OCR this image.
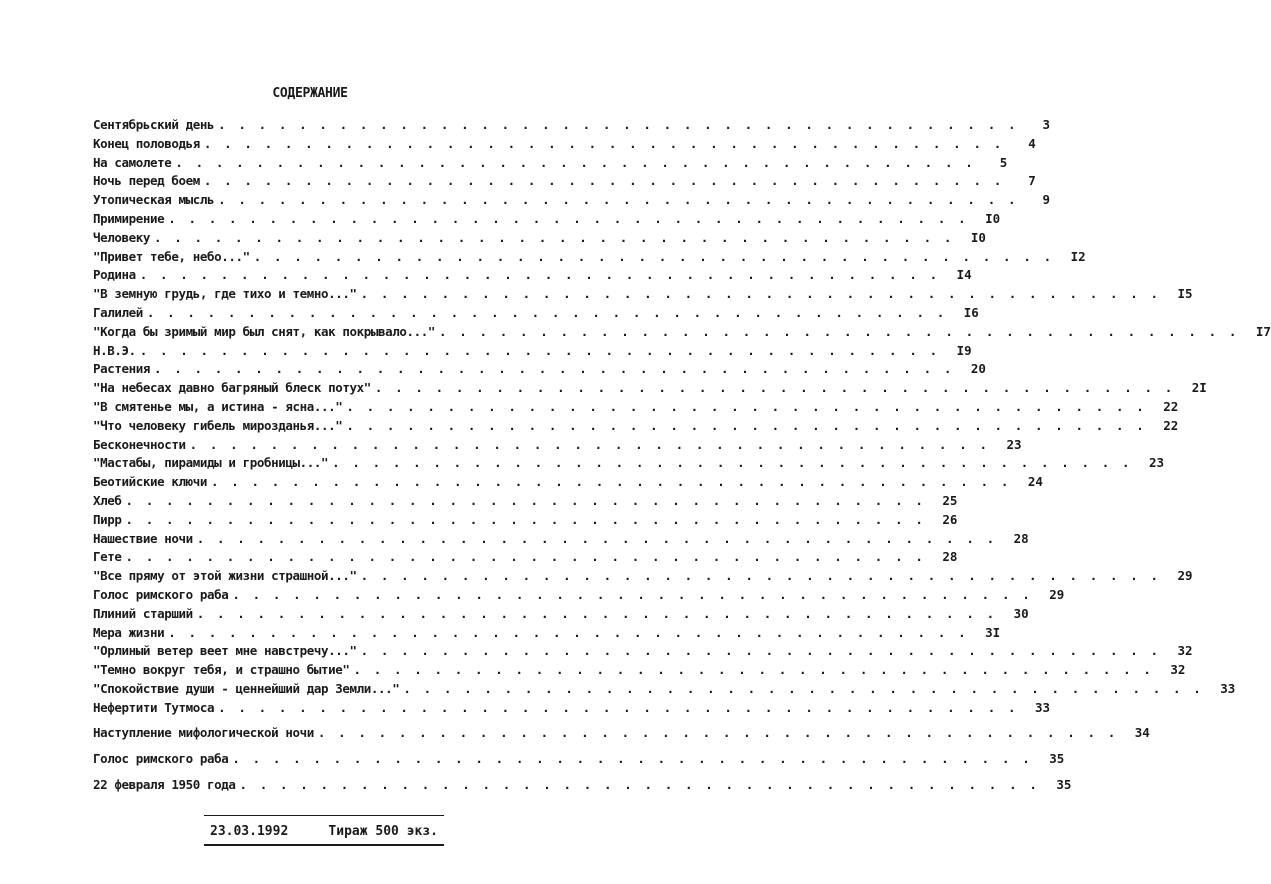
СОДЕРЖАНИЕ
Сентябрьский день . . . . . . . . . . . . . . . . . . . . . . . . . . . . . . . . . . . . . . . .	3
Конец половодья . . . . . . . . . . . . . . . . . . . . . . . . . . . . . . . . . . . . . . . .	4
На самолете . . . . . . . . . . . . . . . . . . . . . . . . . . . . . . . . . . . . . . . .	5
Ночь перед боем . . . . . . . . . . . . . . . . . . . . . . . . . . . . . . . . . . . . . . . .	7
Утопическая мысль . . . . . . . . . . . . . . . . . . . . . . . . . . . . . . . . . . . . . . . .	9
Примирение . . . . . . . . . . . . . . . . . . . . . . . . . . . . . . . . . . . . . . . .	I0
Человеку . . . . . . . . . . . . . . . . . . . . . . . . . . . . . . . . . . . . . . . .	I0
"Привет тебе, небо..." . . . . . . . . . . . . . . . . . . . . . . . . . . . . . . . . . . . . . . . .	I2
Родина . . . . . . . . . . . . . . . . . . . . . . . . . . . . . . . . . . . . . . . .	I4
"В земную грудь, где тихо и темно..." . . . . . . . . . . . . . . . . . . . . . . . . . . . . . . . . . . . . . . . .	I5
Галилей . . . . . . . . . . . . . . . . . . . . . . . . . . . . . . . . . . . . . . . .	I6
"Когда бы зримый мир был снят, как покрывало..." . . . . . . . . . . . . . . . . . . . . . . . . . . . . . . . . . . . . . . . .	I7
Н.В.Э. . . . . . . . . . . . . . . . . . . . . . . . . . . . . . . . . . . . . . . . .	I9
Растения . . . . . . . . . . . . . . . . . . . . . . . . . . . . . . . . . . . . . . . .	20
"На небесах давно багряный блеск потух" . . . . . . . . . . . . . . . . . . . . . . . . . . . . . . . . . . . . . . . .	2I
"В смятенье мы, а истина - ясна..." . . . . . . . . . . . . . . . . . . . . . . . . . . . . . . . . . . . . . . . .	22
"Что человеку гибель мирозданья..." . . . . . . . . . . . . . . . . . . . . . . . . . . . . . . . . . . . . . . . .	22
Бесконечности . . . . . . . . . . . . . . . . . . . . . . . . . . . . . . . . . . . . . . . .	23
"Мастабы, пирамиды и гробницы..." . . . . . . . . . . . . . . . . . . . . . . . . . . . . . . . . . . . . . . . .	23
Беотийские ключи . . . . . . . . . . . . . . . . . . . . . . . . . . . . . . . . . . . . . . . .	24
Хлеб . . . . . . . . . . . . . . . . . . . . . . . . . . . . . . . . . . . . . . . .	25
Пирр . . . . . . . . . . . . . . . . . . . . . . . . . . . . . . . . . . . . . . . .	26
Нашествие ночи . . . . . . . . . . . . . . . . . . . . . . . . . . . . . . . . . . . . . . . .	28
Гете . . . . . . . . . . . . . . . . . . . . . . . . . . . . . . . . . . . . . . . .	28
"Все пряму от этой жизни страшной..." . . . . . . . . . . . . . . . . . . . . . . . . . . . . . . . . . . . . . . . .	29
Голос римского раба . . . . . . . . . . . . . . . . . . . . . . . . . . . . . . . . . . . . . . . .	29
Плиний старший . . . . . . . . . . . . . . . . . . . . . . . . . . . . . . . . . . . . . . . .	30
Мера жизни . . . . . . . . . . . . . . . . . . . . . . . . . . . . . . . . . . . . . . . .	3I
"Орлиный ветер веет мне навстречу..." . . . . . . . . . . . . . . . . . . . . . . . . . . . . . . . . . . . . . . . .	32
"Темно вокруг тебя, и страшно бытие" . . . . . . . . . . . . . . . . . . . . . . . . . . . . . . . . . . . . . . . .	32
"Спокойствие души - ценнейший дар Земли..." . . . . . . . . . . . . . . . . . . . . . . . . . . . . . . . . . . . . . . . .	33
Нефертити Тутмоса . . . . . . . . . . . . . . . . . . . . . . . . . . . . . . . . . . . . . . . .	33
Наступление мифологической ночи . . . . . . . . . . . . . . . . . . . . . . . . . . . . . . . . . . . . . . . .	34
Голос римского раба . . . . . . . . . . . . . . . . . . . . . . . . . . . . . . . . . . . . . . . .	35
22 февраля 1950 года . . . . . . . . . . . . . . . . . . . . . . . . . . . . . . . . . . . . . . . .	35
23.03.1992	Тираж 500 экз.
